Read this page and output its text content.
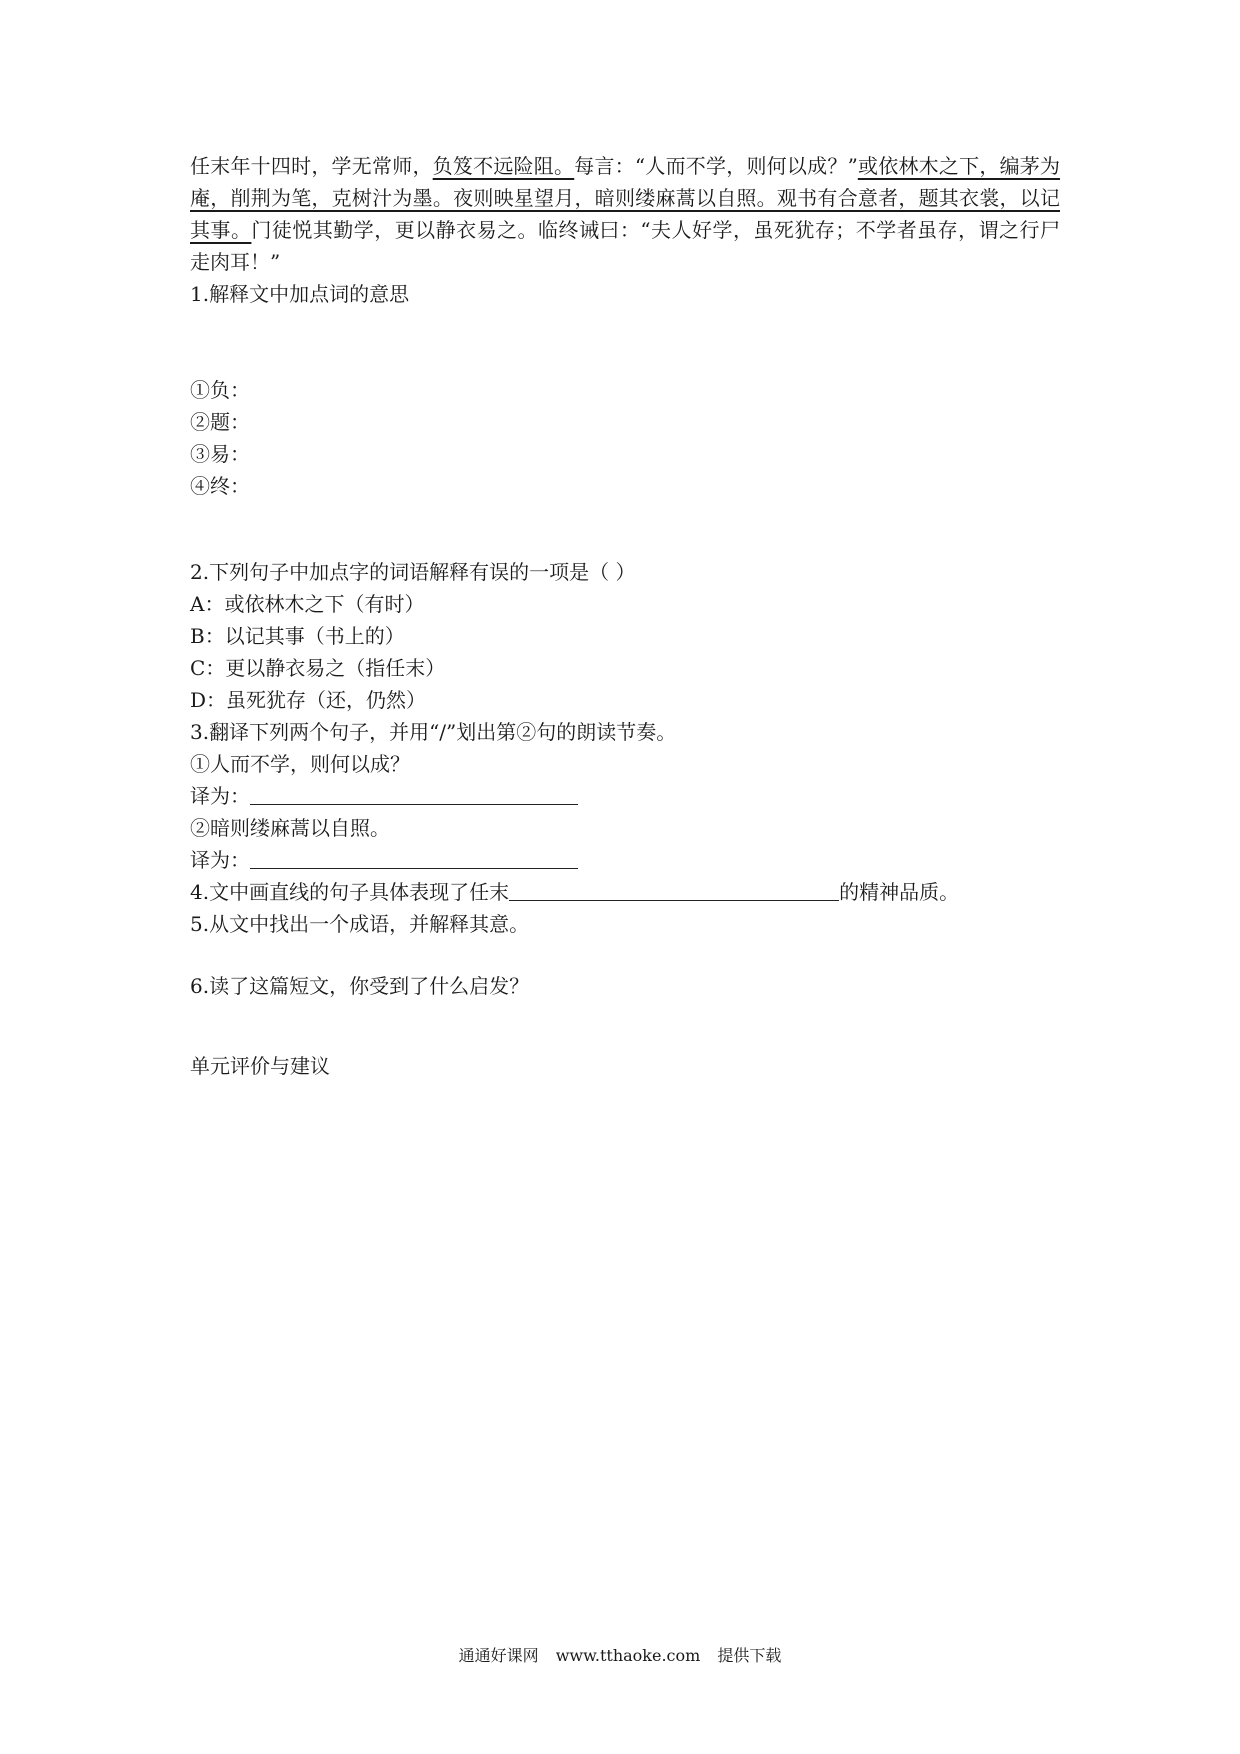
任末年十四时，学无常师，负笈不远险阻。每言：“人而不学，则何以成？”或依林木之下，编茅为庵，削荆为笔，克树汁为墨。夜则映星望月，暗则缕麻蒿以自照。观书有合意者，题其衣裳，以记其事。门徒悦其勤学，更以静衣易之。临终诫曰：“夫人好学，虽死犹存；不学者虽存，谓之行尸走肉耳！”

1.解释文中加点词的意思

①负：

②题：

③易：

④终：

2.下列句子中加点字的词语解释有误的一项是（ ）

A：或依林木之下（有时）

B：以记其事（书上的）

C：更以静衣易之（指任末）

D：虽死犹存（还，仍然）

3.翻译下列两个句子，并用“/”划出第②句的朗读节奏。

①人而不学，则何以成？

译为：

②暗则缕麻蒿以自照。

译为：

4.文中画直线的句子具体表现了任末	的精神品质。

5.从文中找出一个成语，并解释其意。

6.读了这篇短文，你受到了什么启发？

单元评价与建议

通通好课网 www.tthaoke.com 提供下载
